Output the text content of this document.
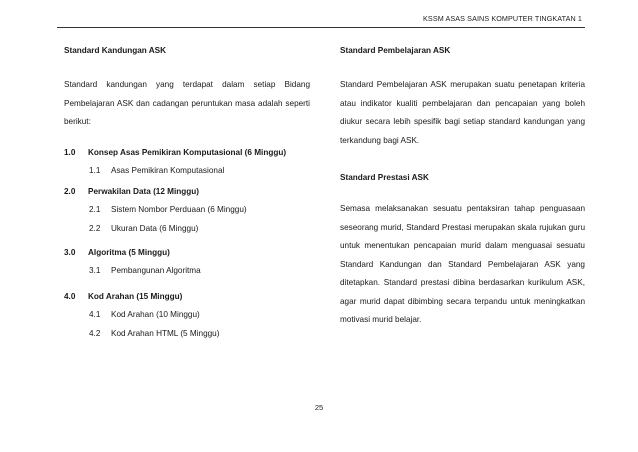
KSSM ASAS SAINS KOMPUTER TINGKATAN 1
Standard Kandungan ASK
Standard kandungan yang terdapat dalam setiap Bidang Pembelajaran ASK dan cadangan peruntukan masa adalah seperti berikut:
1.0	Konsep Asas Pemikiran Komputasional (6 Minggu)
1.1	Asas Pemikiran Komputasional
2.0	Perwakilan Data (12 Minggu)
2.1	Sistem Nombor Perduaan (6 Minggu)
2.2	Ukuran Data (6 Minggu)
3.0	Algoritma (5 Minggu)
3.1	Pembangunan Algoritma
4.0	Kod Arahan (15 Minggu)
4.1	Kod Arahan (10 Minggu)
4.2	Kod Arahan HTML (5 Minggu)
Standard Pembelajaran ASK
Standard Pembelajaran ASK merupakan suatu penetapan kriteria atau indikator kualiti pembelajaran dan pencapaian yang boleh diukur secara lebih spesifik bagi setiap standard kandungan yang terkandung bagi ASK.
Standard Prestasi ASK
Semasa melaksanakan sesuatu pentaksiran tahap penguasaan seseorang murid, Standard Prestasi merupakan skala rujukan guru untuk menentukan pencapaian murid dalam menguasai sesuatu Standard Kandungan dan Standard Pembelajaran ASK yang ditetapkan. Standard prestasi dibina berdasarkan kurikulum ASK, agar murid dapat dibimbing secara terpandu untuk meningkatkan motivasi murid belajar.
25
